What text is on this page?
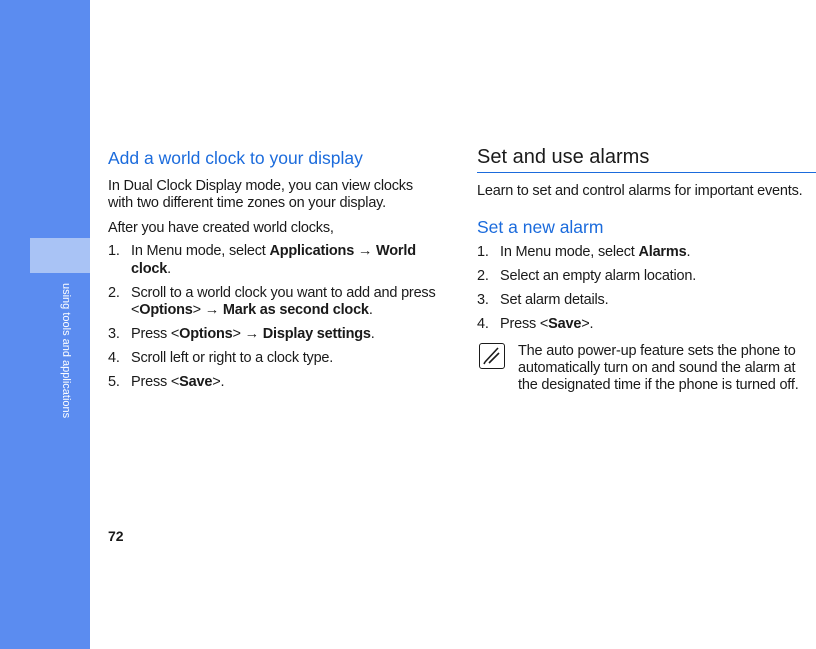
using tools and applications
Add a world clock to your display

In Dual Clock Display mode, you can view clocks with two different time zones on your display.

After you have created world clocks,

1. In Menu mode, select Applications → World clock.
2. Scroll to a world clock you want to add and press <Options> → Mark as second clock.
3. Press <Options> → Display settings.
4. Scroll left or right to a clock type.
5. Press <Save>.
Set and use alarms

Learn to set and control alarms for important events.

Set a new alarm
1. In Menu mode, select Alarms.
2. Select an empty alarm location.
3. Set alarm details.
4. Press <Save>.

The auto power-up feature sets the phone to automatically turn on and sound the alarm at the designated time if the phone is turned off.

72
